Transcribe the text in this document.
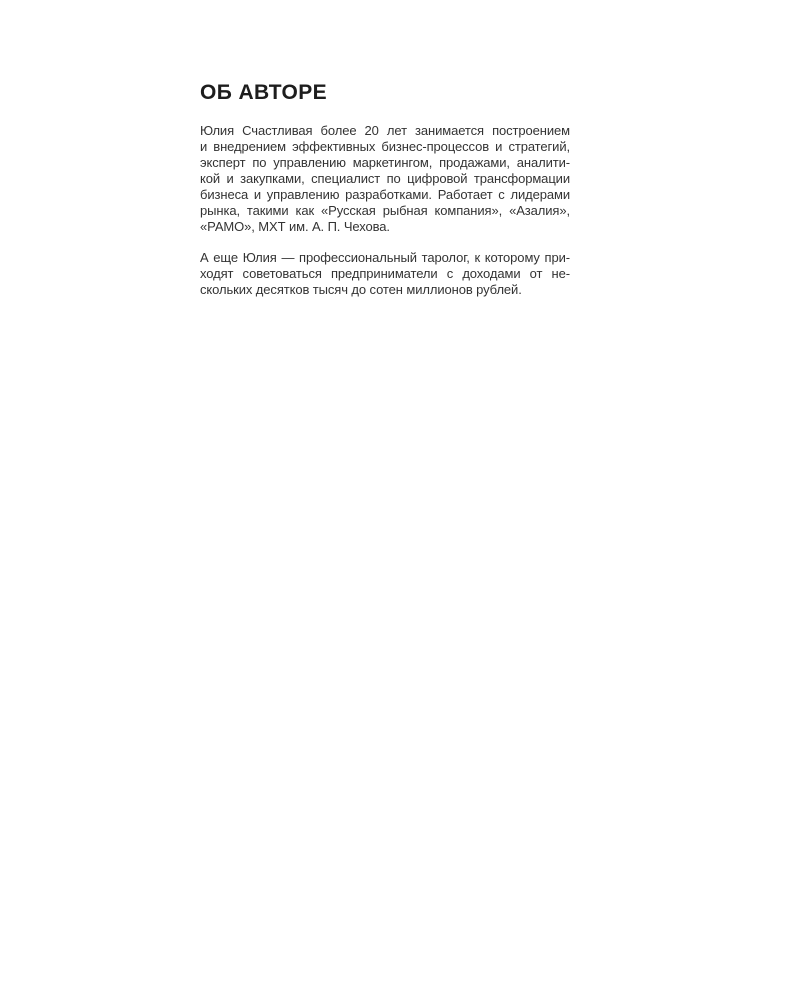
ОБ АВТОРЕ
Юлия Счастливая более 20 лет занимается построением
и внедрением эффективных бизнес-процессов и стратегий,
эксперт по управлению маркетингом, продажами, аналити-
кой и закупками, специалист по цифровой трансформации
бизнеса и управлению разработками. Работает с лидерами
рынка, такими как «Русская рыбная компания», «Азалия»,
«РАМО», МХТ им. А. П. Чехова.
А еще Юлия — профессиональный таролог, к которому при-
ходят советоваться предприниматели с доходами от не-
скольких десятков тысяч до сотен миллионов рублей.
